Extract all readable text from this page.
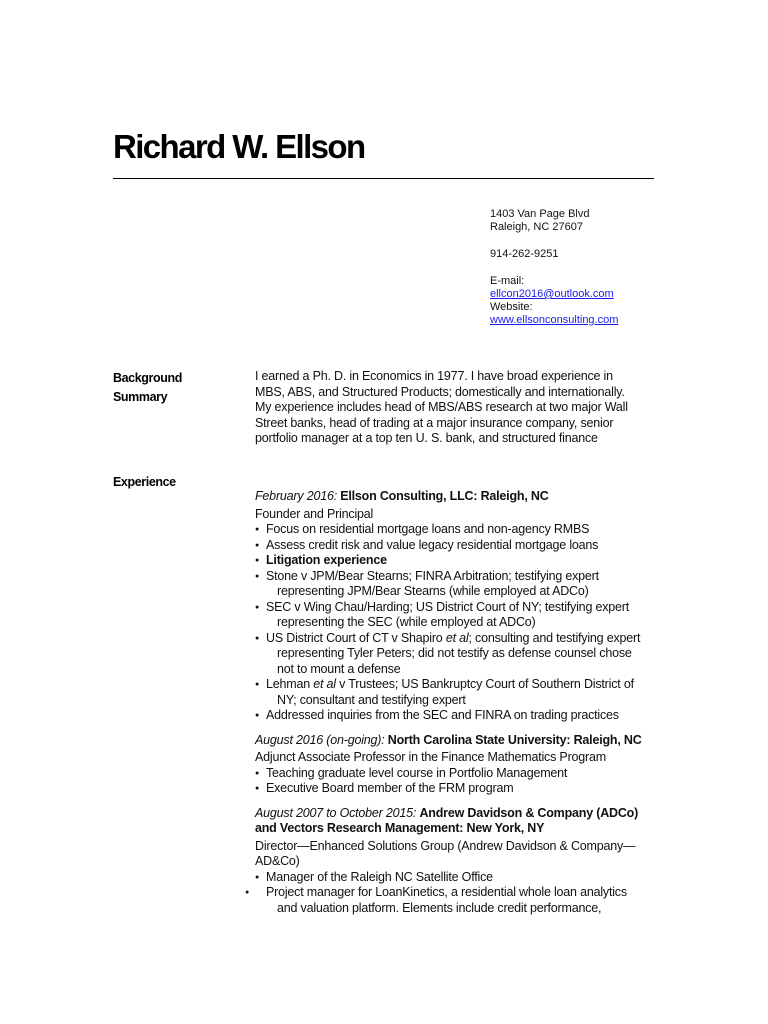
Richard W. Ellson
1403 Van Page Blvd
Raleigh, NC 27607
914-262-9251
E-mail:
ellcon2016@outlook.com
Website:
www.ellsonconsulting.com
Background
Summary

I earned a Ph. D. in Economics in 1977. I have broad experience in

MBS, ABS, and Structured Products; domestically and internationally.

My experience includes head of MBS/ABS research at two major Wall

Street banks, head of trading at a major insurance company, senior

portfolio manager at a top ten U. S. bank, and structured finance

Experience

February 2016: Ellson Consulting, LLC: Raleigh, NC

Founder and Principal

● Focus on residential mortgage loans and non-agency RMBS
● Assess credit risk and value legacy residential mortgage loans
● Litigation experience
● Stone v JPM/Bear Stearns; FINRA Arbitration; testifying expert
representing JPM/Bear Stearns (while employed at ADCo)
● SEC v Wing Chau/Harding; US District Court of NY; testifying expert
representing the SEC (while employed at ADCo)
● US District Court of CT v Shapiro et al; consulting and testifying expert
representing Tyler Peters; did not testify as defense counsel chose
not to mount a defense
● Lehman et al v Trustees; US Bankruptcy Court of Southern District of
NY; consultant and testifying expert
● Addressed inquiries from the SEC and FINRA on trading practices

August 2016 (on-going): North Carolina State University: Raleigh, NC

Adjunct Associate Professor in the Finance Mathematics Program

● Teaching graduate level course in Portfolio Management
● Executive Board member of the FRM program

August 2007 to October 2015: Andrew Davidson & Company (ADCo)

and Vectors Research Management: New York, NY

Director—Enhanced Solutions Group (Andrew Davidson & Company—

AD&Co)

● Manager of the Raleigh NC Satellite Office
● Project manager for LoanKinetics, a residential whole loan analytics
and valuation platform. Elements include credit performance,
